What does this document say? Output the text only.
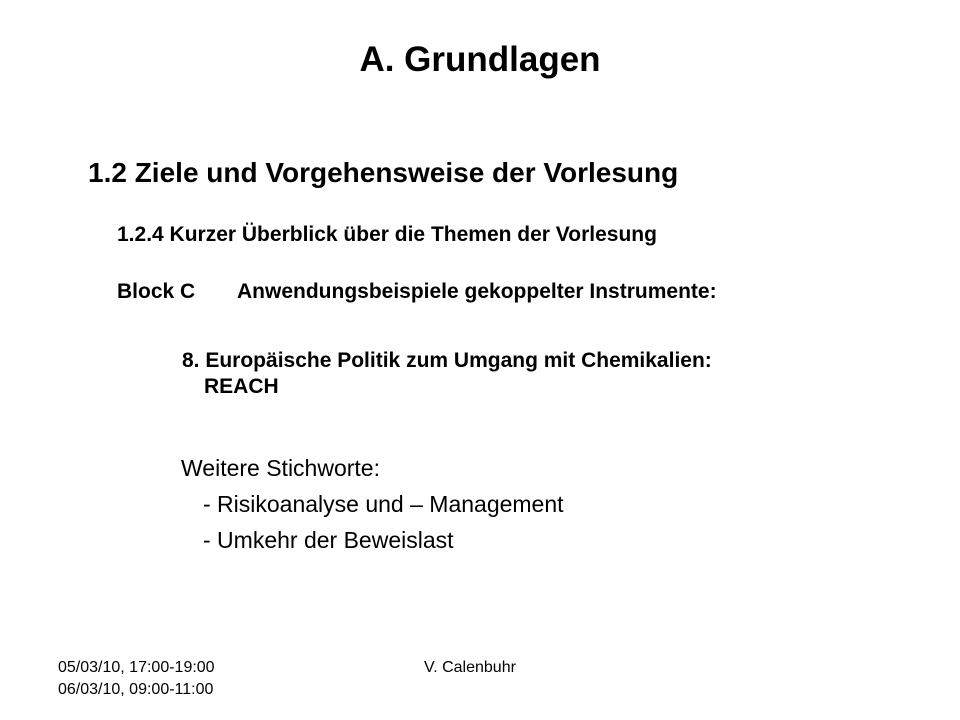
A. Grundlagen
1.2 Ziele und Vorgehensweise der Vorlesung
1.2.4 Kurzer Überblick über die Themen der Vorlesung
Block C Anwendungsbeispiele gekoppelter Instrumente:
8. Europäische Politik zum Umgang mit Chemikalien:
REACH
Weitere Stichworte:
- Risikoanalyse und – Management
- Umkehr der Beweislast
05/03/10, 17:00-19:00
06/03/10, 09:00-11:00
V. Calenbuhr
